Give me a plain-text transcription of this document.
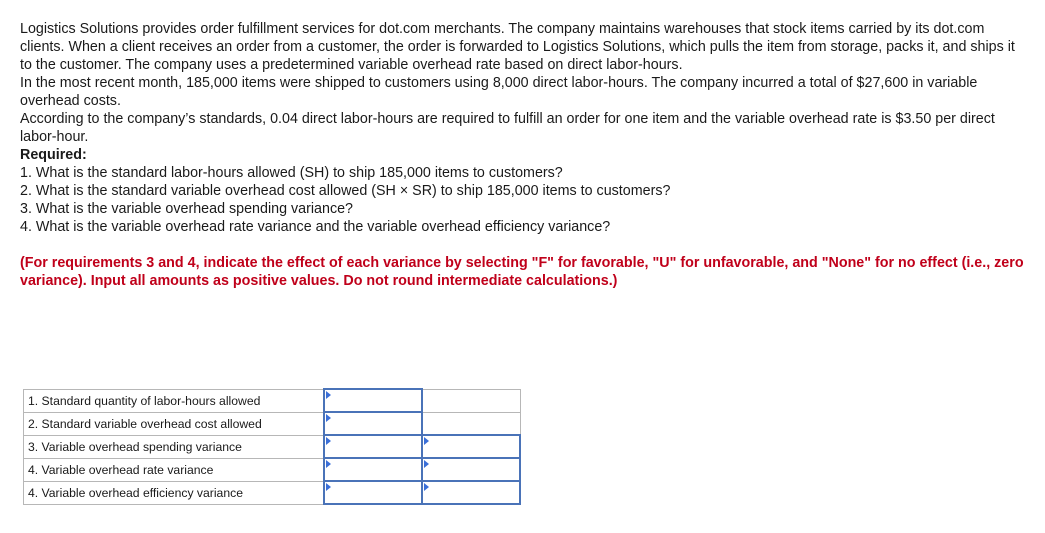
Logistics Solutions provides order fulfillment services for dot.com merchants. The company maintains warehouses that stock items carried by its dot.com clients. When a client receives an order from a customer, the order is forwarded to Logistics Solutions, which pulls the item from storage, packs it, and ships it to the customer. The company uses a predetermined variable overhead rate based on direct labor-hours.

In the most recent month, 185,000 items were shipped to customers using 8,000 direct labor-hours. The company incurred a total of $27,600 in variable overhead costs.

According to the company’s standards, 0.04 direct labor-hours are required to fulfill an order for one item and the variable overhead rate is $3.50 per direct labor-hour.

Required:

1. What is the standard labor-hours allowed (SH) to ship 185,000 items to customers?
2. What is the standard variable overhead cost allowed (SH × SR) to ship 185,000 items to customers?
3. What is the variable overhead spending variance?
4. What is the variable overhead rate variance and the variable overhead efficiency variance?

(For requirements 3 and 4, indicate the effect of each variance by selecting "F" for favorable, "U" for unfavorable, and "None" for no effect (i.e., zero variance). Input all amounts as positive values. Do not round intermediate calculations.)

1. Standard quantity of labor-hours allowed	

2. Standard variable overhead cost allowed	

3. Variable overhead spending variance	

4. Variable overhead rate variance	

4. Variable overhead efficiency variance	
